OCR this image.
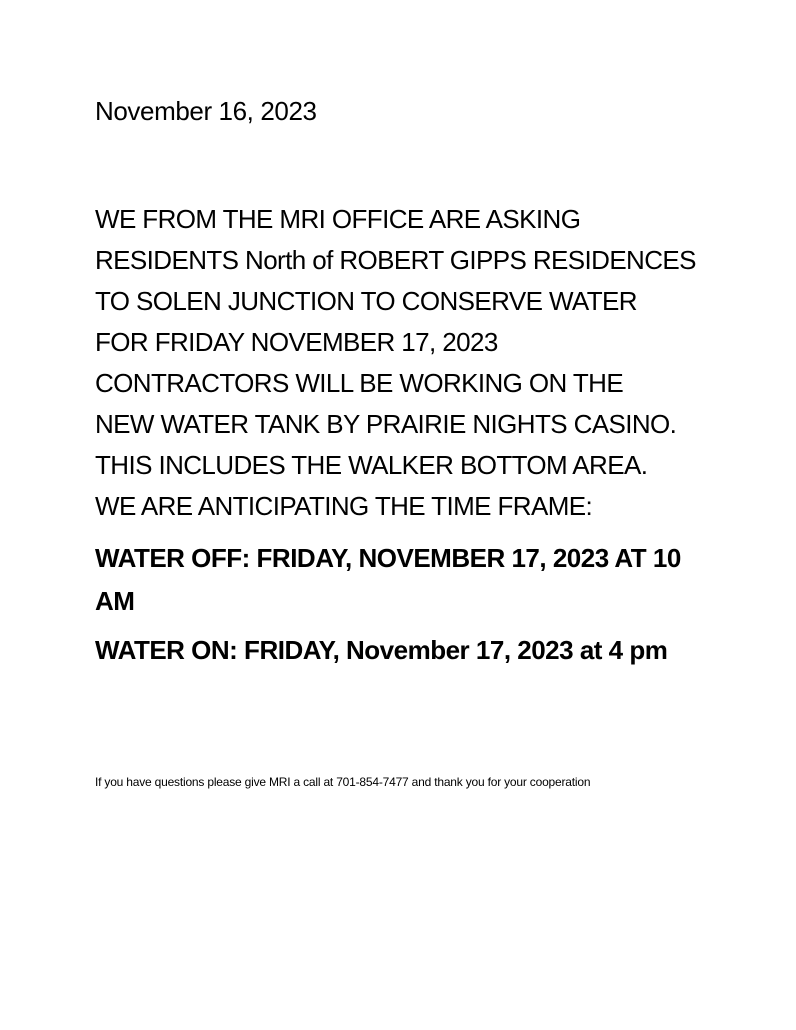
November 16, 2023
WE FROM THE MRI OFFICE ARE ASKING
RESIDENTS North of ROBERT GIPPS RESIDENCES
TO SOLEN JUNCTION TO CONSERVE WATER
FOR FRIDAY NOVEMBER 17, 2023
CONTRACTORS WILL BE WORKING ON THE
NEW WATER TANK BY PRAIRIE NIGHTS CASINO.
THIS INCLUDES THE WALKER BOTTOM AREA.
WE ARE ANTICIPATING THE TIME FRAME:

WATER OFF: FRIDAY, NOVEMBER 17, 2023 AT 10 AM

WATER ON: FRIDAY, November 17, 2023 at 4 pm

If you have questions please give MRI a call at 701-854-7477 and thank you for your cooperation
